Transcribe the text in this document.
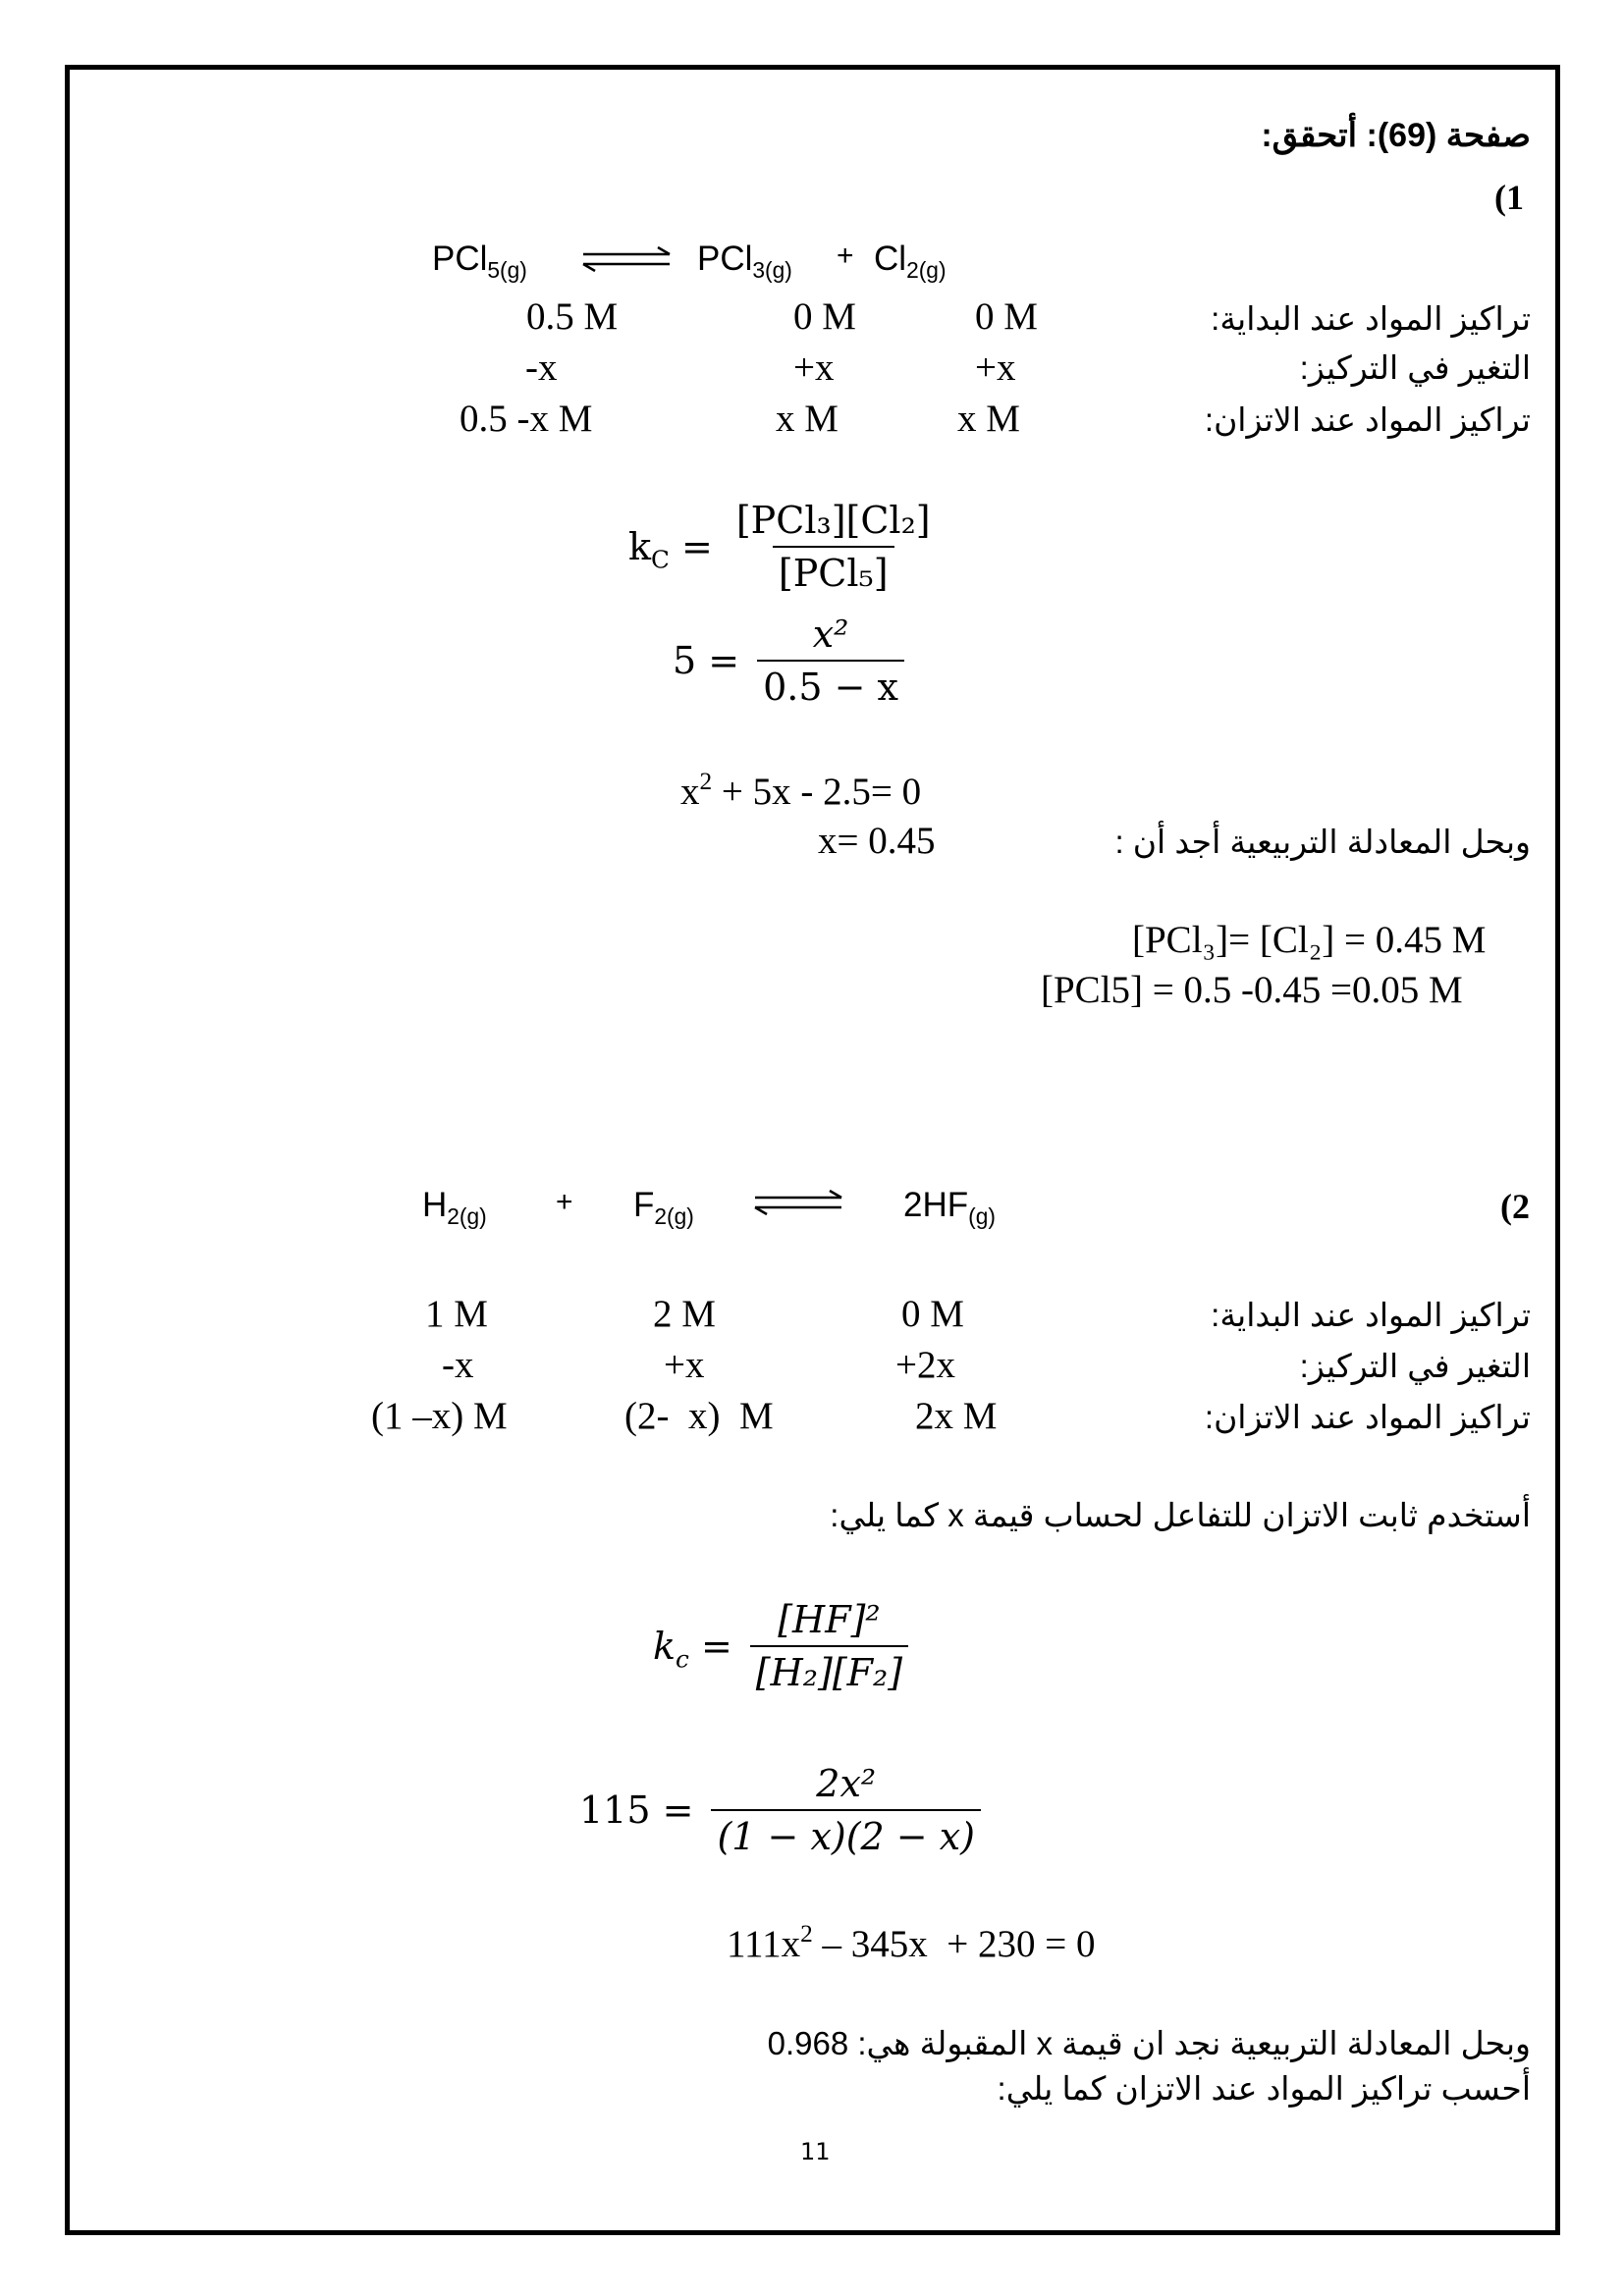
صفحة (69): أتحقق:
(1
PCl$_{5(g)}$	$PCl_{3(g)} + Cl_{2(g)}$
تراكيز المواد عند البداية:
0.5 M	0 M	0 M
التغير في التركيز:
-x	+x	+x
تراكيز المواد عند الاتزان:
0.5 -x M	x M	x M
$k_C = \frac{\text{[PCl₃][Cl₂]}}{\text{[PCl₅]}}$
$5 = \frac{\text{x²}}{0.5 - x}$
$x^2 + 5x - 2.5= 0$
وبحل المعادلة التربيعية أجد أن :
x= 0.45
[PCl₃]= [Cl₂] = 0.45 M
[PCl5] = 0.5 -0.45 =0.05 M
(2
$H_{2(g)} + F_{2(g)}$	$2HF_{(g)}$
تراكيز المواد عند البداية:
1 M	2 M	0 M
التغير في التركيز:
-x	+x	+2x
تراكيز المواد عند الاتزان:
(1 –x) M	(2-  x)  M	2x M
أستخدم ثابت الاتزان للتفاعل لحساب قيمة x كما يلي:
$k_c = \frac{\text{[HF]²}}{\text{[H₂][F₂]}}$
$115 = \frac{\text{2x²}}{(1 - x)(2 - x)}$
$111x^2 - 345x + 230 = 0$
وبحل المعادلة التربيعية نجد ان قيمة x المقبولة هي: 0.968
أحسب تراكيز المواد عند الاتزان كما يلي:
11
